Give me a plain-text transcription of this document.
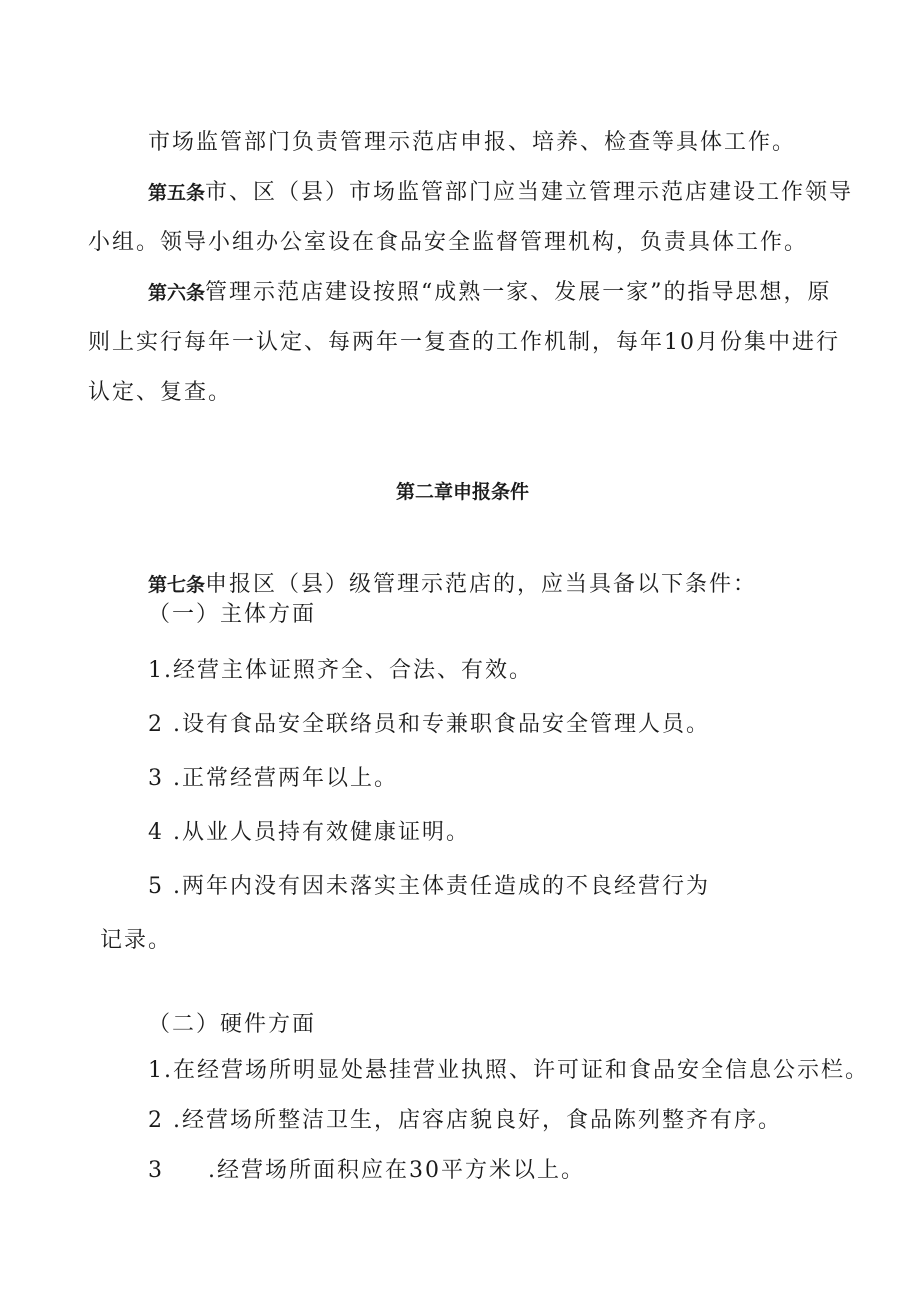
市场监管部门负责管理示范店申报、培养、检查等具体工作。
第五条市、区（县）市场监管部门应当建立管理示范店建设工作领导
小组。领导小组办公室设在食品安全监督管理机构，负责具体工作。
第六条管理示范店建设按照“成熟一家、发展一家”的指导思想，原
则上实行每年一认定、每两年一复查的工作机制，每年10月份集中进行
认定、复查。
第二章申报条件
第七条申报区（县）级管理示范店的，应当具备以下条件：
（一）主体方面
1.经营主体证照齐全、合法、有效。
2 .设有食品安全联络员和专兼职食品安全管理人员。
3 .正常经营两年以上。
4 .从业人员持有效健康证明。
5 .两年内没有因未落实主体责任造成的不良经营行为
记录。
（二）硬件方面
1.在经营场所明显处悬挂营业执照、许可证和食品安全信息公示栏。
2 .经营场所整洁卫生，店容店貌良好，食品陈列整齐有序。
3 .经营场所面积应在30平方米以上。
